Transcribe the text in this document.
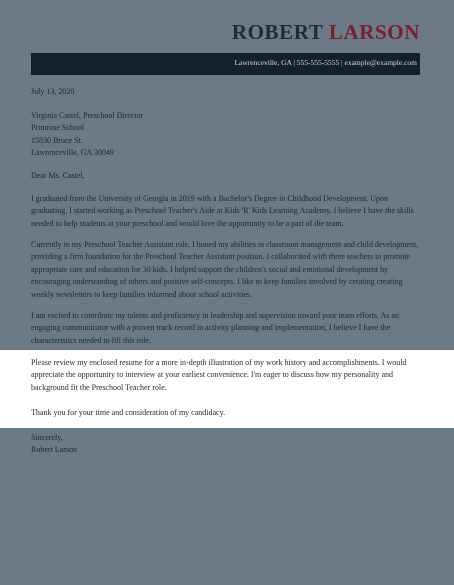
ROBERT LARSON
Lawrenceville, GA | 555-555-5555 | example@example.com

July 13, 2020

Virginia Castel, Preschool Director

Primrose School

15830 Bruce St.

Lawrenceville, GA 30049

Dear Ms. Castel,

I graduated from the University of Georgia in 2019 with a Bachelor's Degree in Childhood Development. Upon graduating, I started working as Preschool Teacher's Aide at Kids 'R' Kids Learning Academy. I believe I have the skills needed to help students at your preschool and would love the opportunity to be a part of the team.

Currently in my Preschool Teacher Assistant role, I honed my abilities in classroom management and child development, providing a firm foundation for the Preschool Teacher Assistant position. I collaborated with three teachers to promote appropriate care and education for 30 kids. I helped support the children's social and emotional development by encouraging understanding of others and positive self-concepts. I like to keep families involved by creating creating weekly newsletters to keep families informed about school activities.

I am excited to contribute my talents and proficiency in leadership and supervision toward your team efforts. As an engaging communicator with a proven track record in activity planning and implementation, I believe I have the characteristics needed to fill this role.

Please review my enclosed resume for a more in-depth illustration of my work history and accomplishments. I would appreciate the opportunity to interview at your earliest convenience. I'm eager to discuss how my personality and background fit the Preschool Teacher role.

Thank you for your time and consideration of my candidacy.

Sincerely,

Robert Larson
